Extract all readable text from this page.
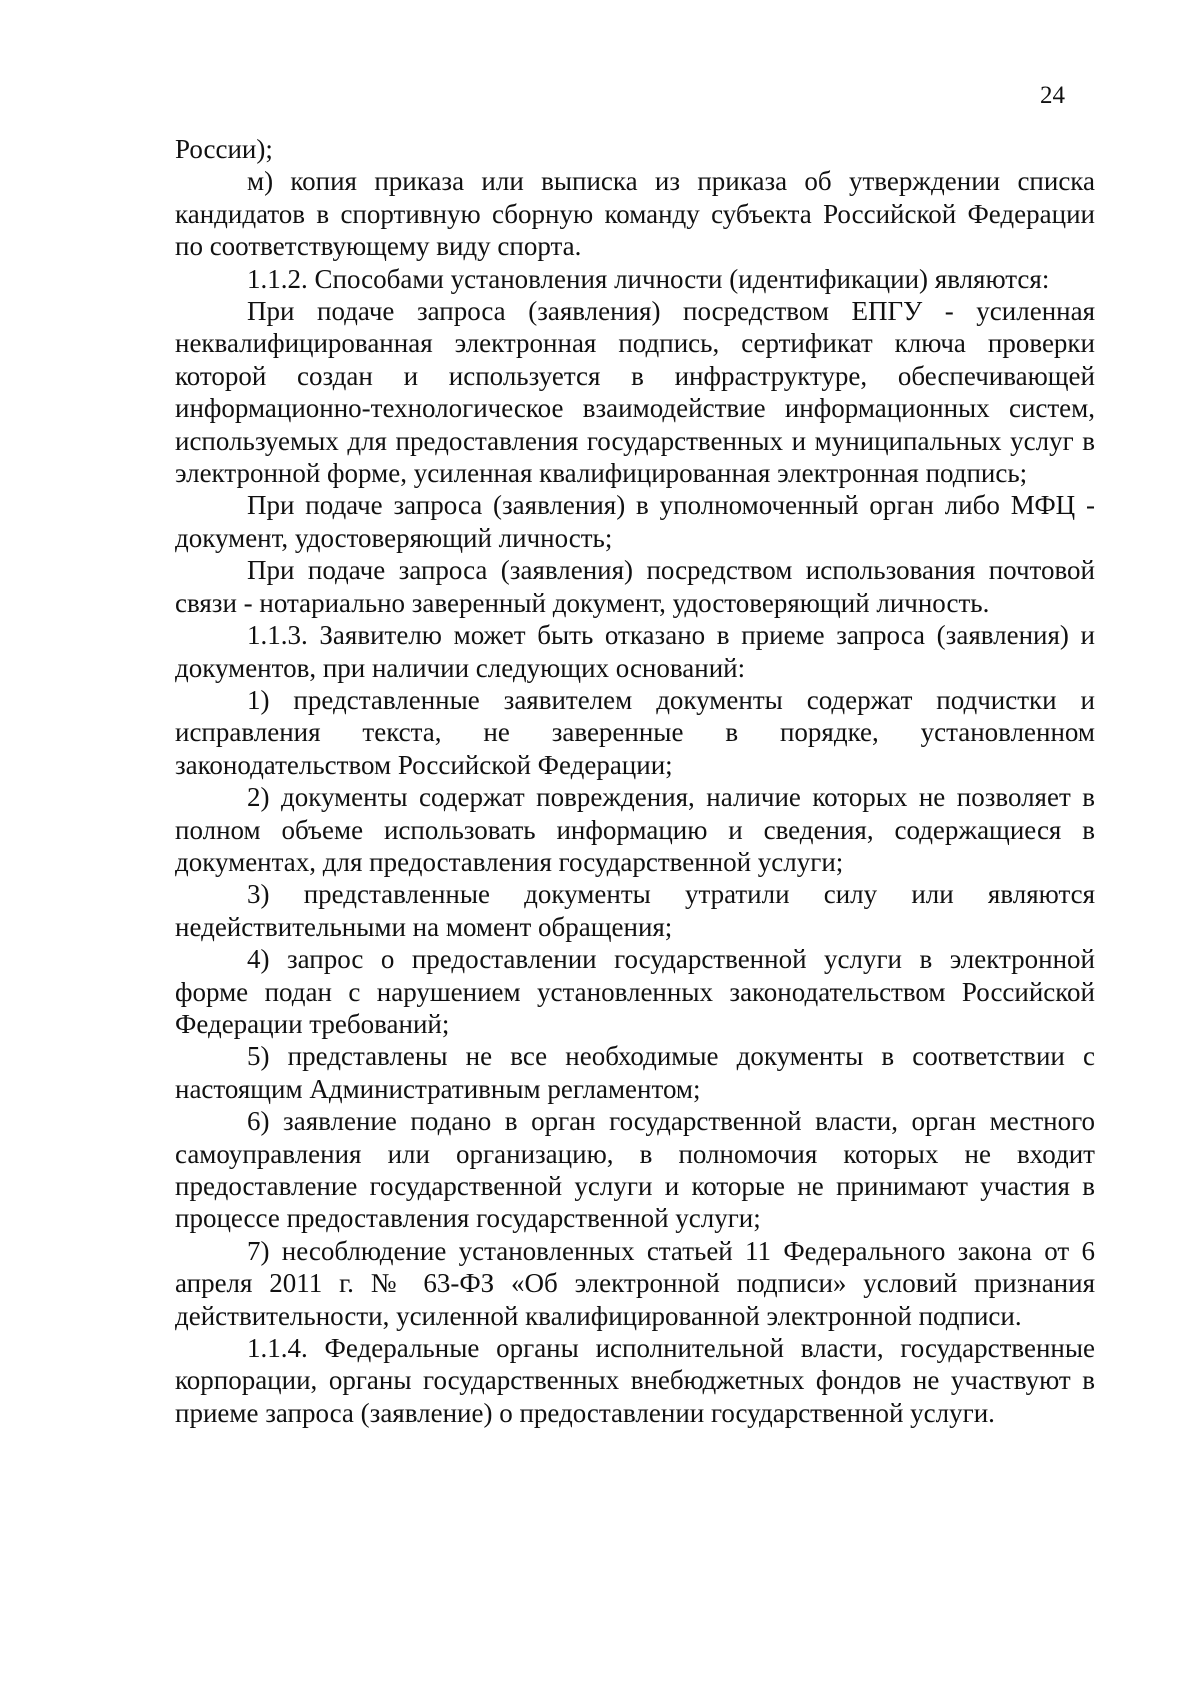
24

России);

м) копия приказа или выписка из приказа об утверждении списка кандидатов в спортивную сборную команду субъекта Российской Федерации по соответствующему виду спорта.

1.1.2. Способами установления личности (идентификации) являются:

При подаче запроса (заявления) посредством ЕПГУ - усиленная неквалифицированная электронная подпись, сертификат ключа проверки которой создан и используется в инфраструктуре, обеспечивающей информационно-технологическое взаимодействие информационных систем, используемых для предоставления государственных и муниципальных услуг в электронной форме, усиленная квалифицированная электронная подпись;

При подаче запроса (заявления) в уполномоченный орган либо МФЦ - документ, удостоверяющий личность;

При подаче запроса (заявления) посредством использования почтовой связи - нотариально заверенный документ, удостоверяющий личность.

1.1.3. Заявителю может быть отказано в приеме запроса (заявления) и документов, при наличии следующих оснований:

1) представленные заявителем документы содержат подчистки и исправления текста, не заверенные в порядке, установленном законодательством Российской Федерации;

2) документы содержат повреждения, наличие которых не позволяет в полном объеме использовать информацию и сведения, содержащиеся в документах, для предоставления государственной услуги;

3) представленные документы утратили силу или являются недействительными на момент обращения;

4) запрос о предоставлении государственной услуги в электронной форме подан с нарушением установленных законодательством Российской Федерации требований;

5) представлены не все необходимые документы в соответствии с настоящим Административным регламентом;

6) заявление подано в орган государственной власти, орган местного самоуправления или организацию, в полномочия которых не входит предоставление государственной услуги и которые не принимают участия в процессе предоставления государственной услуги;

7) несоблюдение установленных статьей 11 Федерального закона от 6 апреля 2011 г. № 63-ФЗ «Об электронной подписи» условий признания действительности, усиленной квалифицированной электронной подписи.

1.1.4. Федеральные органы исполнительной власти, государственные корпорации, органы государственных внебюджетных фондов не участвуют в приеме запроса (заявление) о предоставлении государственной услуги.
